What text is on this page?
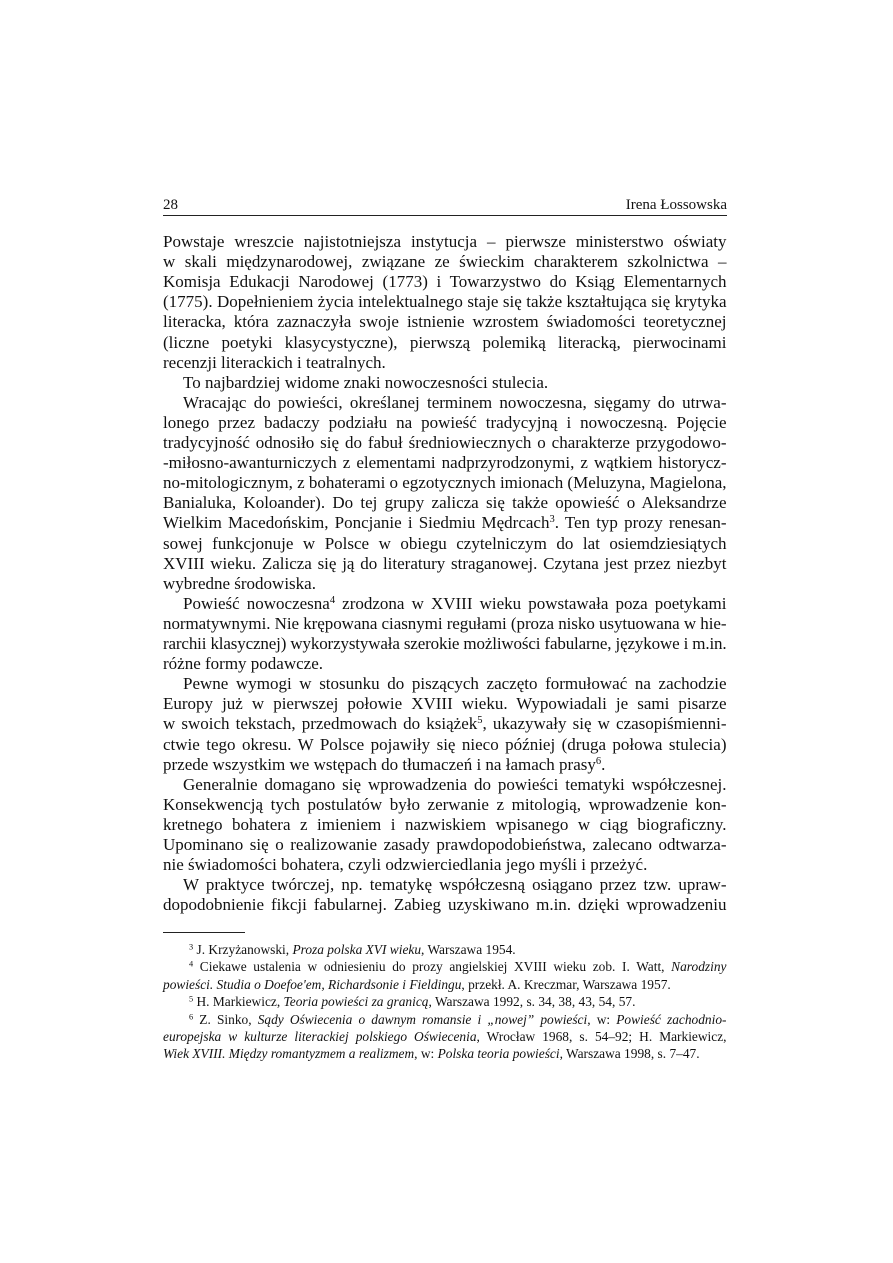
28	Irena Łossowska
Powstaje wreszcie najistotniejsza instytucja – pierwsze ministerstwo oświaty
w skali międzynarodowej, związane ze świeckim charakterem szkolnictwa –
Komisja Edukacji Narodowej (1773) i Towarzystwo do Ksiąg Elementarnych
(1775). Dopełnieniem życia intelektualnego staje się także kształtująca się krytyka
literacka, która zaznaczyła swoje istnienie wzrostem świadomości teoretycznej
(liczne poetyki klasycystyczne), pierwszą polemiką literacką, pierwocinami
recenzji literackich i teatralnych.
To najbardziej widome znaki nowoczesności stulecia.
Wracając do powieści, określanej terminem nowoczesna, sięgamy do utrwa-
lonego przez badaczy podziału na powieść tradycyjną i nowoczesną. Pojęcie
tradycyjność odnosiło się do fabuł średniowiecznych o charakterze przygodowo-
-miłosno-awanturniczych z elementami nadprzyrodzonymi, z wątkiem historycz-
no-mitologicznym, z bohaterami o egzotycznych imionach (Meluzyna, Magielona,
Banialuka, Koloander). Do tej grupy zalicza się także opowieść o Aleksandrze
Wielkim Macedońskim, Poncjanie i Siedmiu Mędrcach$^3$. Ten typ prozy renesan-
sowej funkcjonuje w Polsce w obiegu czytelniczym do lat osiemdziesiątych
XVIII wieku. Zalicza się ją do literatury straganowej. Czytana jest przez niezbyt
wybredne środowiska.
Powieść nowoczesna$^4$ zrodzona w XVIII wieku powstawała poza poetykami
normatywnymi. Nie krępowana ciasnymi regułami (proza nisko usytuowana w hie-
rarchii klasycznej) wykorzystywała szerokie możliwości fabularne, językowe i m.in.
różne formy podawcze.
Pewne wymogi w stosunku do piszących zaczęto formułować na zachodzie
Europy już w pierwszej połowie XVIII wieku. Wypowiadali je sami pisarze
w swoich tekstach, przedmowach do książek$^5$, ukazywały się w czasopiśmienni-
ctwie tego okresu. W Polsce pojawiły się nieco później (druga połowa stulecia)
przede wszystkim we wstępach do tłumaczeń i na łamach prasy$^6$.
Generalnie domagano się wprowadzenia do powieści tematyki współczesnej.
Konsekwencją tych postulatów było zerwanie z mitologią, wprowadzenie kon-
kretnego bohatera z imieniem i nazwiskiem wpisanego w ciąg biograficzny.
Upominano się o realizowanie zasady prawdopodobieństwa, zalecano odtwarza-
nie świadomości bohatera, czyli odzwierciedlania jego myśli i przeżyć.
W praktyce twórczej, np. tematykę współczesną osiągano przez tzw. upraw-
dopodobnienie fikcji fabularnej. Zabieg uzyskiwano m.in. dzięki wprowadzeniu
$^3$ J. Krzyżanowski, Proza polska XVI wieku, Warszawa 1954.
$^4$ Ciekawe ustalenia w odniesieniu do prozy angielskiej XVIII wieku zob. I. Watt, Narodziny
powieści. Studia o Doefoe'em, Richardsonie i Fieldingu, przekł. A. Kreczmar, Warszawa 1957.
$^5$ H. Markiewicz, Teoria powieści za granicą, Warszawa 1992, s. 34, 38, 43, 54, 57.
$^6$ Z. Sinko, Sądy Oświecenia o dawnym romansie i „nowej” powieści, w: Powieść zachodnio-
europejska w kulturze literackiej polskiego Oświecenia, Wrocław 1968, s. 54–92; H. Markiewicz,
Wiek XVIII. Między romantyzmem a realizmem, w: Polska teoria powieści, Warszawa 1998, s. 7–47.
